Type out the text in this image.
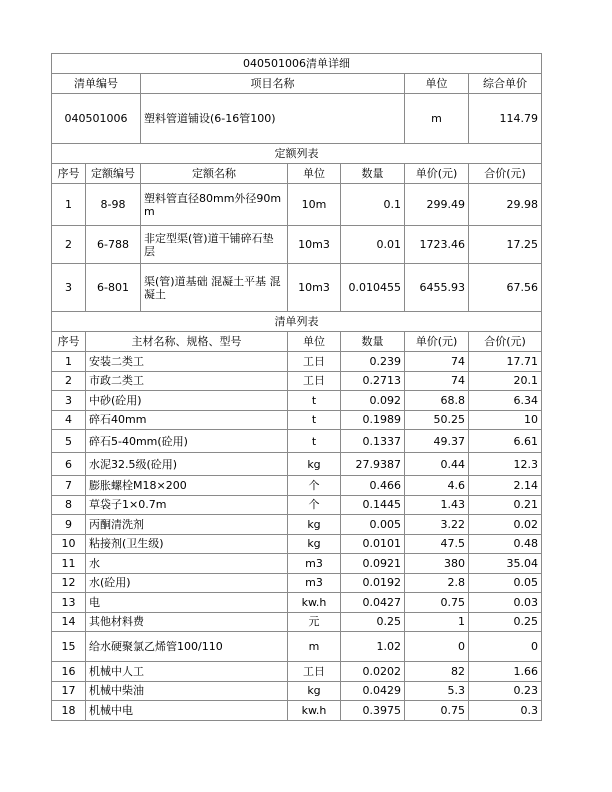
040501006清单详细						
清单编号		项目名称			单位	综合单价
040501006		塑料管道铺设(6-16管100)			m	114.79
定额列表						
序号	定额编号	定额名称	单位	数量	单价(元)	合价(元)
1	8-98	塑料管直径80mm外径90mm	10m	0.1	299.49	29.98
2	6-788	非定型渠(管)道干铺碎石垫层	10m3	0.01	1723.46	17.25
3	6-801	渠(管)道基础 混凝土平基 混凝土	10m3	0.010455	6455.93	67.56
清单列表						
序号	主材名称、规格、型号		单位	数量	单价(元)	合价(元)
1	安装二类工		工日	0.239	74	17.71
2	市政二类工		工日	0.2713	74	20.1
3	中砂(砼用)		t	0.092	68.8	6.34
4	碎石40mm		t	0.1989	50.25	10
5	碎石5-40mm(砼用)		t	0.1337	49.37	6.61
6	水泥32.5级(砼用)		kg	27.9387	0.44	12.3
7	膨胀螺栓M18×200		个	0.466	4.6	2.14
8	草袋子1×0.7m		个	0.1445	1.43	0.21
9	丙酮清洗剂		kg	0.005	3.22	0.02
10	粘接剂(卫生级)		kg	0.0101	47.5	0.48
11	水		m3	0.0921	380	35.04
12	水(砼用)		m3	0.0192	2.8	0.05
13	电		kw.h	0.0427	0.75	0.03
14	其他材料费		元	0.25	1	0.25
15	给水硬聚氯乙烯管100/110		m	1.02	0	0
16	机械中人工		工日	0.0202	82	1.66
17	机械中柴油		kg	0.0429	5.3	0.23
18	机械中电		kw.h	0.3975	0.75	0.3
